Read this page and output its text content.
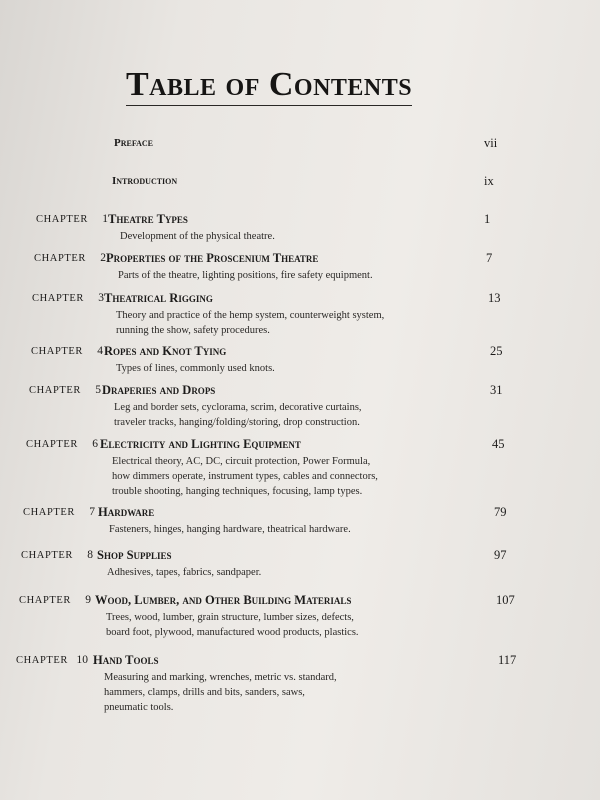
Table of Contents
Preface	vii
Introduction	ix
CHAPTER 1 Theatre Types	1
Development of the physical theatre.
CHAPTER 2 Properties of the Proscenium Theatre	7
Parts of the theatre, lighting positions, fire safety equipment.
CHAPTER 3 Theatrical Rigging	13
Theory and practice of the hemp system, counterweight system,
running the show, safety procedures.
CHAPTER 4 Ropes and Knot Tying	25
Types of lines, commonly used knots.
CHAPTER 5 Draperies and Drops	31
Leg and border sets, cyclorama, scrim, decorative curtains,
traveler tracks, hanging/folding/storing, drop construction.
CHAPTER 6 Electricity and Lighting Equipment	45
Electrical theory, AC, DC, circuit protection, Power Formula,
how dimmers operate, instrument types, cables and connectors,
trouble shooting, hanging techniques, focusing, lamp types.
CHAPTER 7 Hardware	79
Fasteners, hinges, hanging hardware, theatrical hardware.
CHAPTER 8 Shop Supplies	97
Adhesives, tapes, fabrics, sandpaper.
CHAPTER 9 Wood, Lumber, and Other Building Materials	107
Trees, wood, lumber, grain structure, lumber sizes, defects,
board foot, plywood, manufactured wood products, plastics.
CHAPTER 10 Hand Tools	117
Measuring and marking, wrenches, metric vs. standard,
hammers, clamps, drills and bits, sanders, saws,
pneumatic tools.
